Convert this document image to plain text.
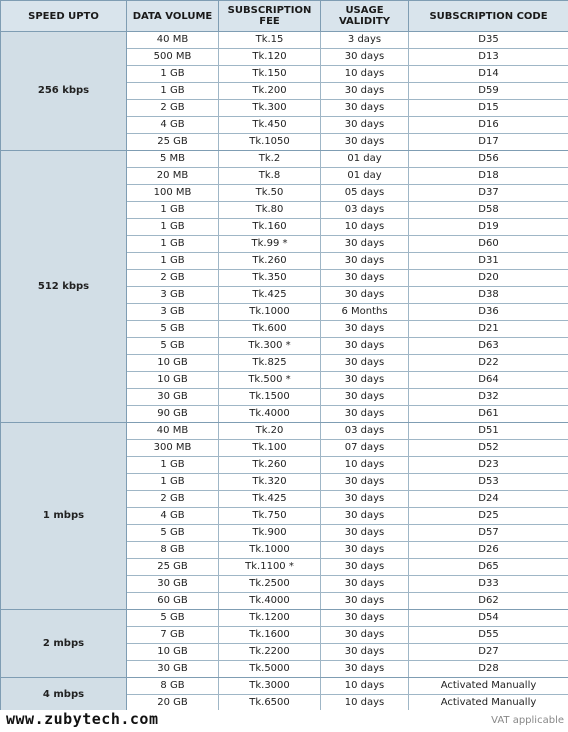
SPEED UPTO	DATA VOLUME	SUBSCRIPTION FEE	USAGE VALIDITY	SUBSCRIPTION CODE
256 kbps	40 MB	Tk.15	3 days	D35
	500 MB	Tk.120	30 days	D13
	1 GB	Tk.150	10 days	D14
	1 GB	Tk.200	30 days	D59
	2 GB	Tk.300	30 days	D15
	4 GB	Tk.450	30 days	D16
	25 GB	Tk.1050	30 days	D17
512 kbps	5 MB	Tk.2	01 day	D56
	20 MB	Tk.8	01 day	D18
	100 MB	Tk.50	05 days	D37
	1 GB	Tk.80	03 days	D58
	1 GB	Tk.160	10 days	D19
	1 GB	Tk.99 *	30 days	D60
	1 GB	Tk.260	30 days	D31
	2 GB	Tk.350	30 days	D20
	3 GB	Tk.425	30 days	D38
	3 GB	Tk.1000	6 Months	D36
	5 GB	Tk.600	30 days	D21
	5 GB	Tk.300 *	30 days	D63
	10 GB	Tk.825	30 days	D22
	10 GB	Tk.500 *	30 days	D64
	30 GB	Tk.1500	30 days	D32
	90 GB	Tk.4000	30 days	D61
1 mbps	40 MB	Tk.20	03 days	D51
	300 MB	Tk.100	07 days	D52
	1 GB	Tk.260	10 days	D23
	1 GB	Tk.320	30 days	D53
	2 GB	Tk.425	30 days	D24
	4 GB	Tk.750	30 days	D25
	5 GB	Tk.900	30 days	D57
	8 GB	Tk.1000	30 days	D26
	25 GB	Tk.1100 *	30 days	D65
	30 GB	Tk.2500	30 days	D33
	60 GB	Tk.4000	30 days	D62
2 mbps	5 GB	Tk.1200	30 days	D54
	7 GB	Tk.1600	30 days	D55
	10 GB	Tk.2200	30 days	D27
	30 GB	Tk.5000	30 days	D28
4 mbps	8 GB	Tk.3000	10 days	Activated Manually
	20 GB	Tk.6500	10 days	Activated Manually
www.zubytech.com	VAT applicable
